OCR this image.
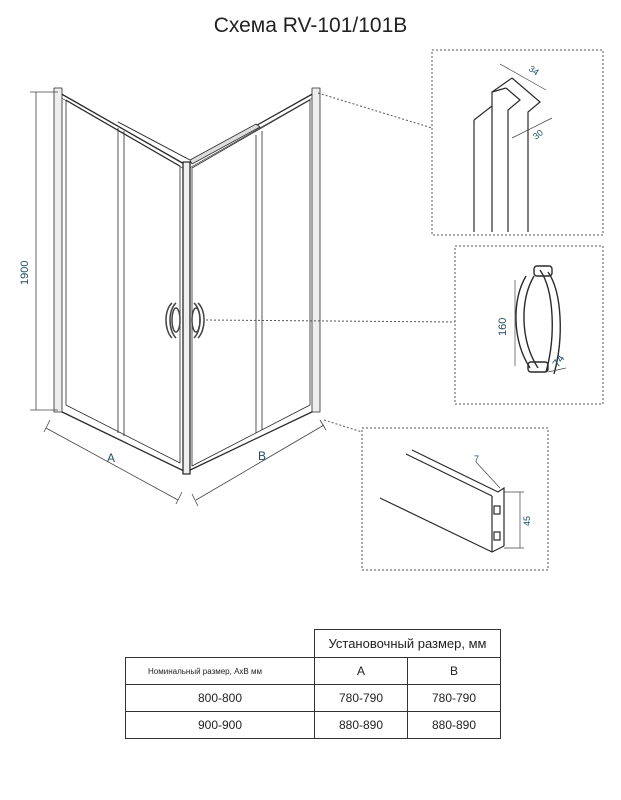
Схема RV-101/101B
1900
A	B
34
30
160
74
7
45
	Установочный размер, мм	
Номинальный размер, AxB мм	A	B
800-800	780-790	780-790
900-900	880-890	880-890
